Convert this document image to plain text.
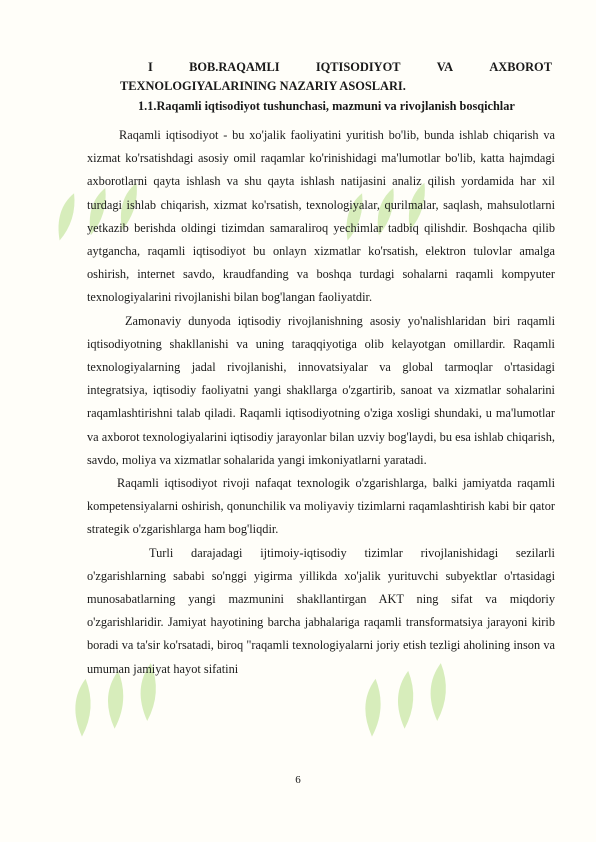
I	BOB.RAQAMLI	IQTISODIYOT	VA	AXBOROT
TEXNOLOGIYALARINING NAZARIY ASOSLARI.
1.1.Raqamli iqtisodiyot tushunchasi, mazmuni va rivojlanish bosqichlar

Raqamli iqtisodiyot - bu xo'jalik faoliyatini yuritish bo'lib, bunda ishlab chiqarish va xizmat ko'rsatishdagi asosiy omil raqamlar ko'rinishidagi ma'lumotlar bo'lib, katta hajmdagi axborotlarni qayta ishlash va shu qayta ishlash natijasini analiz qilish yordamida har xil turdagi ishlab chiqarish, xizmat ko'rsatish, texnologiyalar, qurilmalar, saqlash, mahsulotlarni yetkazib berishda oldingi tizimdan samaraliroq yechimlar tadbiq qilishdir. Boshqacha qilib aytgancha, raqamli iqtisodiyot bu onlayn xizmatlar ko'rsatish, elektron tulovlar amalga oshirish, internet savdo, kraudfanding va boshqa turdagi sohalarni raqamli kompyuter texnologiyalarini rivojlanishi bilan bog'langan faoliyatdir.

Zamonaviy dunyoda iqtisodiy rivojlanishning asosiy yo'nalishlaridan biri raqamli iqtisodiyotning shakllanishi va uning taraqqiyotiga olib kelayotgan omillardir. Raqamli texnologiyalarning jadal rivojlanishi, innovatsiyalar va global tarmoqlar o'rtasidagi integratsiya, iqtisodiy faoliyatni yangi shakllarga o'zgartirib, sanoat va xizmatlar sohalarini raqamlashtirishni talab qiladi. Raqamli iqtisodiyotning o'ziga xosligi shundaki, u ma'lumotlar va axborot texnologiyalarini iqtisodiy jarayonlar bilan uzviy bog'laydi, bu esa ishlab chiqarish, savdo, moliya va xizmatlar sohalarida yangi imkoniyatlarni yaratadi.

Raqamli iqtisodiyot rivoji nafaqat texnologik o'zgarishlarga, balki jamiyatda raqamli kompetensiyalarni oshirish, qonunchilik va moliyaviy tizimlarni raqamlashtirish kabi bir qator strategik o'zgarishlarga ham bog'liqdir.

Turli darajadagi ijtimoiy-iqtisodiy tizimlar rivojlanishidagi sezilarli o'zgarishlarning sababi so'nggi yigirma yillikda xo'jalik yurituvchi subyektlar o'rtasidagi munosabatlarning yangi mazmunini shakllantirgan AKT ning sifat va miqdoriy o'zgarishlaridir. Jamiyat hayotining barcha jabhalariga raqamli transformatsiya jarayoni kirib boradi va ta'sir ko'rsatadi, biroq "raqamli texnologiyalarni joriy etish tezligi aholining inson va umuman jamiyat hayot sifatini

6
